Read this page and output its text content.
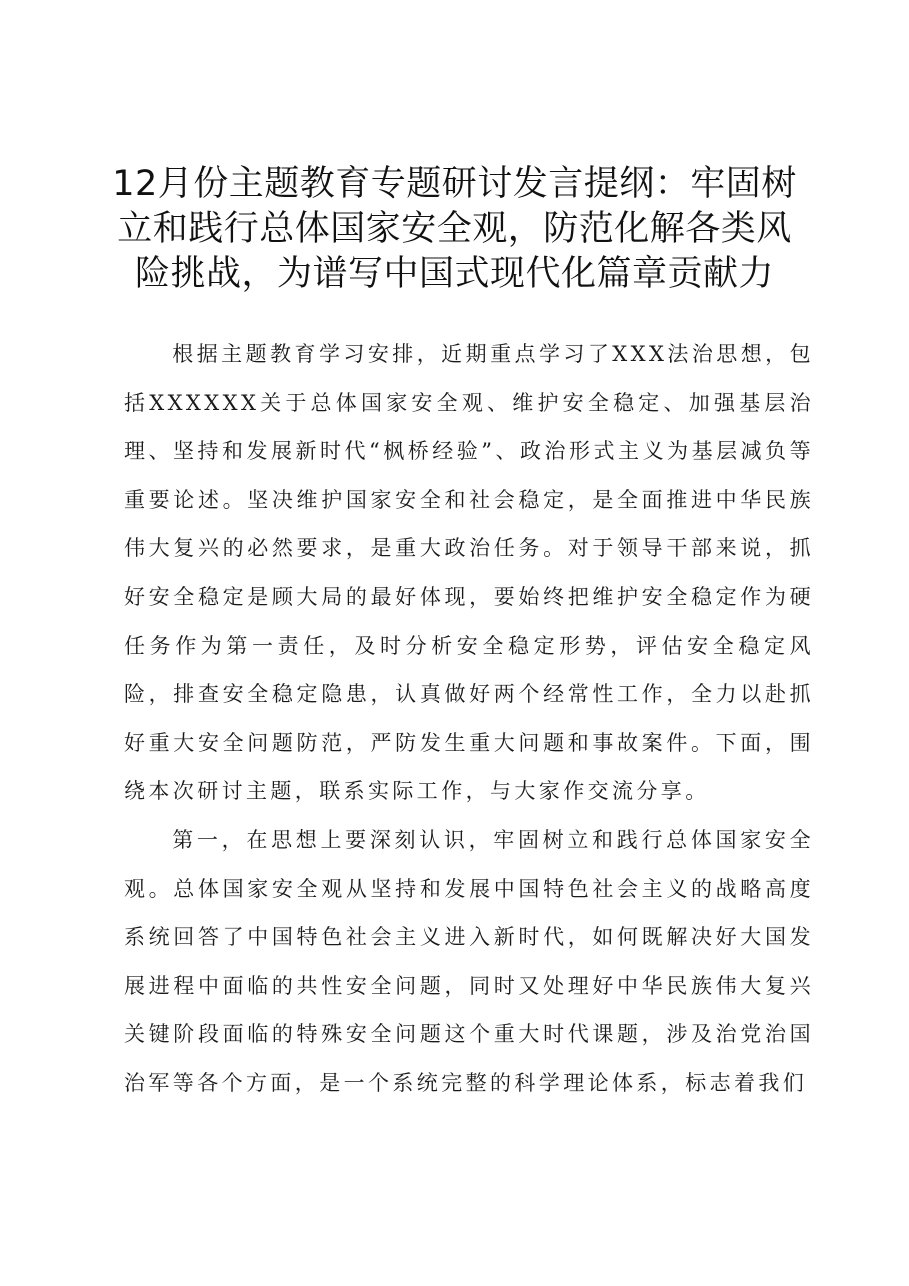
12月份主题教育专题研讨发言提纲：牢固树立和践行总体国家安全观，防范化解各类风险挑战，为谱写中国式现代化篇章贡献力

根据主题教育学习安排，近期重点学习了XXX法治思想，包括XXXXXX关于总体国家安全观、维护安全稳定、加强基层治理、坚持和发展新时代“枫桥经验”、政治形式主义为基层减负等重要论述。坚决维护国家安全和社会稳定，是全面推进中华民族伟大复兴的必然要求，是重大政治任务。对于领导干部来说，抓好安全稳定是顾大局的最好体现，要始终把维护安全稳定作为硬任务作为第一责任，及时分析安全稳定形势，评估安全稳定风险，排查安全稳定隐患，认真做好两个经常性工作，全力以赴抓好重大安全问题防范，严防发生重大问题和事故案件。下面，围绕本次研讨主题，联系实际工作，与大家作交流分享。

第一，在思想上要深刻认识，牢固树立和践行总体国家安全观。总体国家安全观从坚持和发展中国特色社会主义的战略高度系统回答了中国特色社会主义进入新时代，如何既解决好大国发展进程中面临的共性安全问题，同时又处理好中华民族伟大复兴关键阶段面临的特殊安全问题这个重大时代课题，涉及治党治国治军等各个方面，是一个系统完整的科学理论体系，标志着我们
